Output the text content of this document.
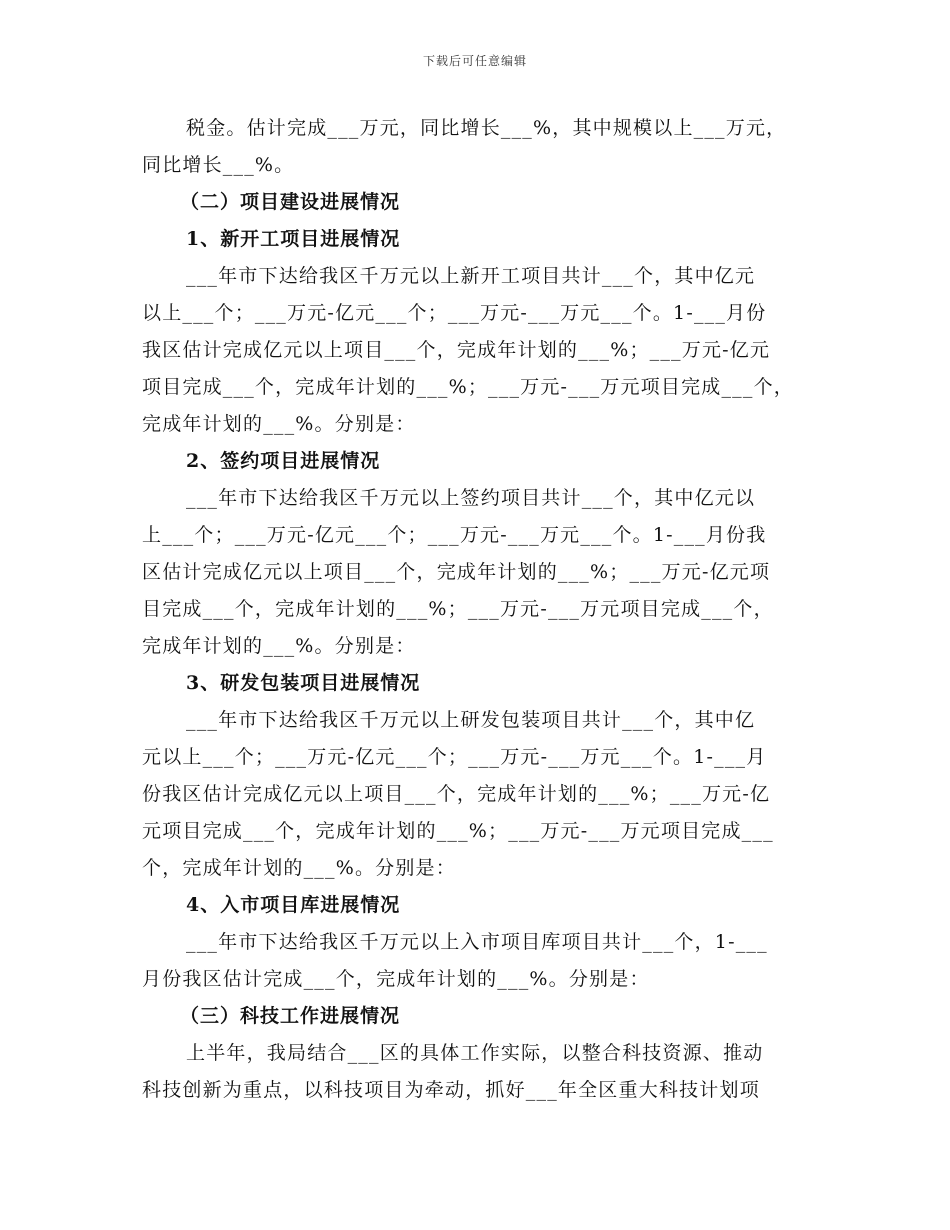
下载后可任意编辑
税金。估计完成___万元，同比增长___%，其中规模以上___万元，
同比增长___%。
（二）项目建设进展情况
1、新开工项目进展情况
___年市下达给我区千万元以上新开工项目共计___个，其中亿元
以上___个；___万元-亿元___个；___万元-___万元___个。1-___月份
我区估计完成亿元以上项目___个，完成年计划的___%；___万元-亿元
项目完成___个，完成年计划的___%；___万元-___万元项目完成___个，
完成年计划的___%。分别是：
2、签约项目进展情况
___年市下达给我区千万元以上签约项目共计___个，其中亿元以
上___个；___万元-亿元___个；___万元-___万元___个。1-___月份我
区估计完成亿元以上项目___个，完成年计划的___%；___万元-亿元项
目完成___个，完成年计划的___%；___万元-___万元项目完成___个，
完成年计划的___%。分别是：
3、研发包装项目进展情况
___年市下达给我区千万元以上研发包装项目共计___个，其中亿
元以上___个；___万元-亿元___个；___万元-___万元___个。1-___月
份我区估计完成亿元以上项目___个，完成年计划的___%；___万元-亿
元项目完成___个，完成年计划的___%；___万元-___万元项目完成___
个，完成年计划的___%。分别是：
4、入市项目库进展情况
___年市下达给我区千万元以上入市项目库项目共计___个，1-___
月份我区估计完成___个，完成年计划的___%。分别是：
（三）科技工作进展情况
上半年，我局结合___区的具体工作实际，以整合科技资源、推动
科技创新为重点，以科技项目为牵动，抓好___年全区重大科技计划项
